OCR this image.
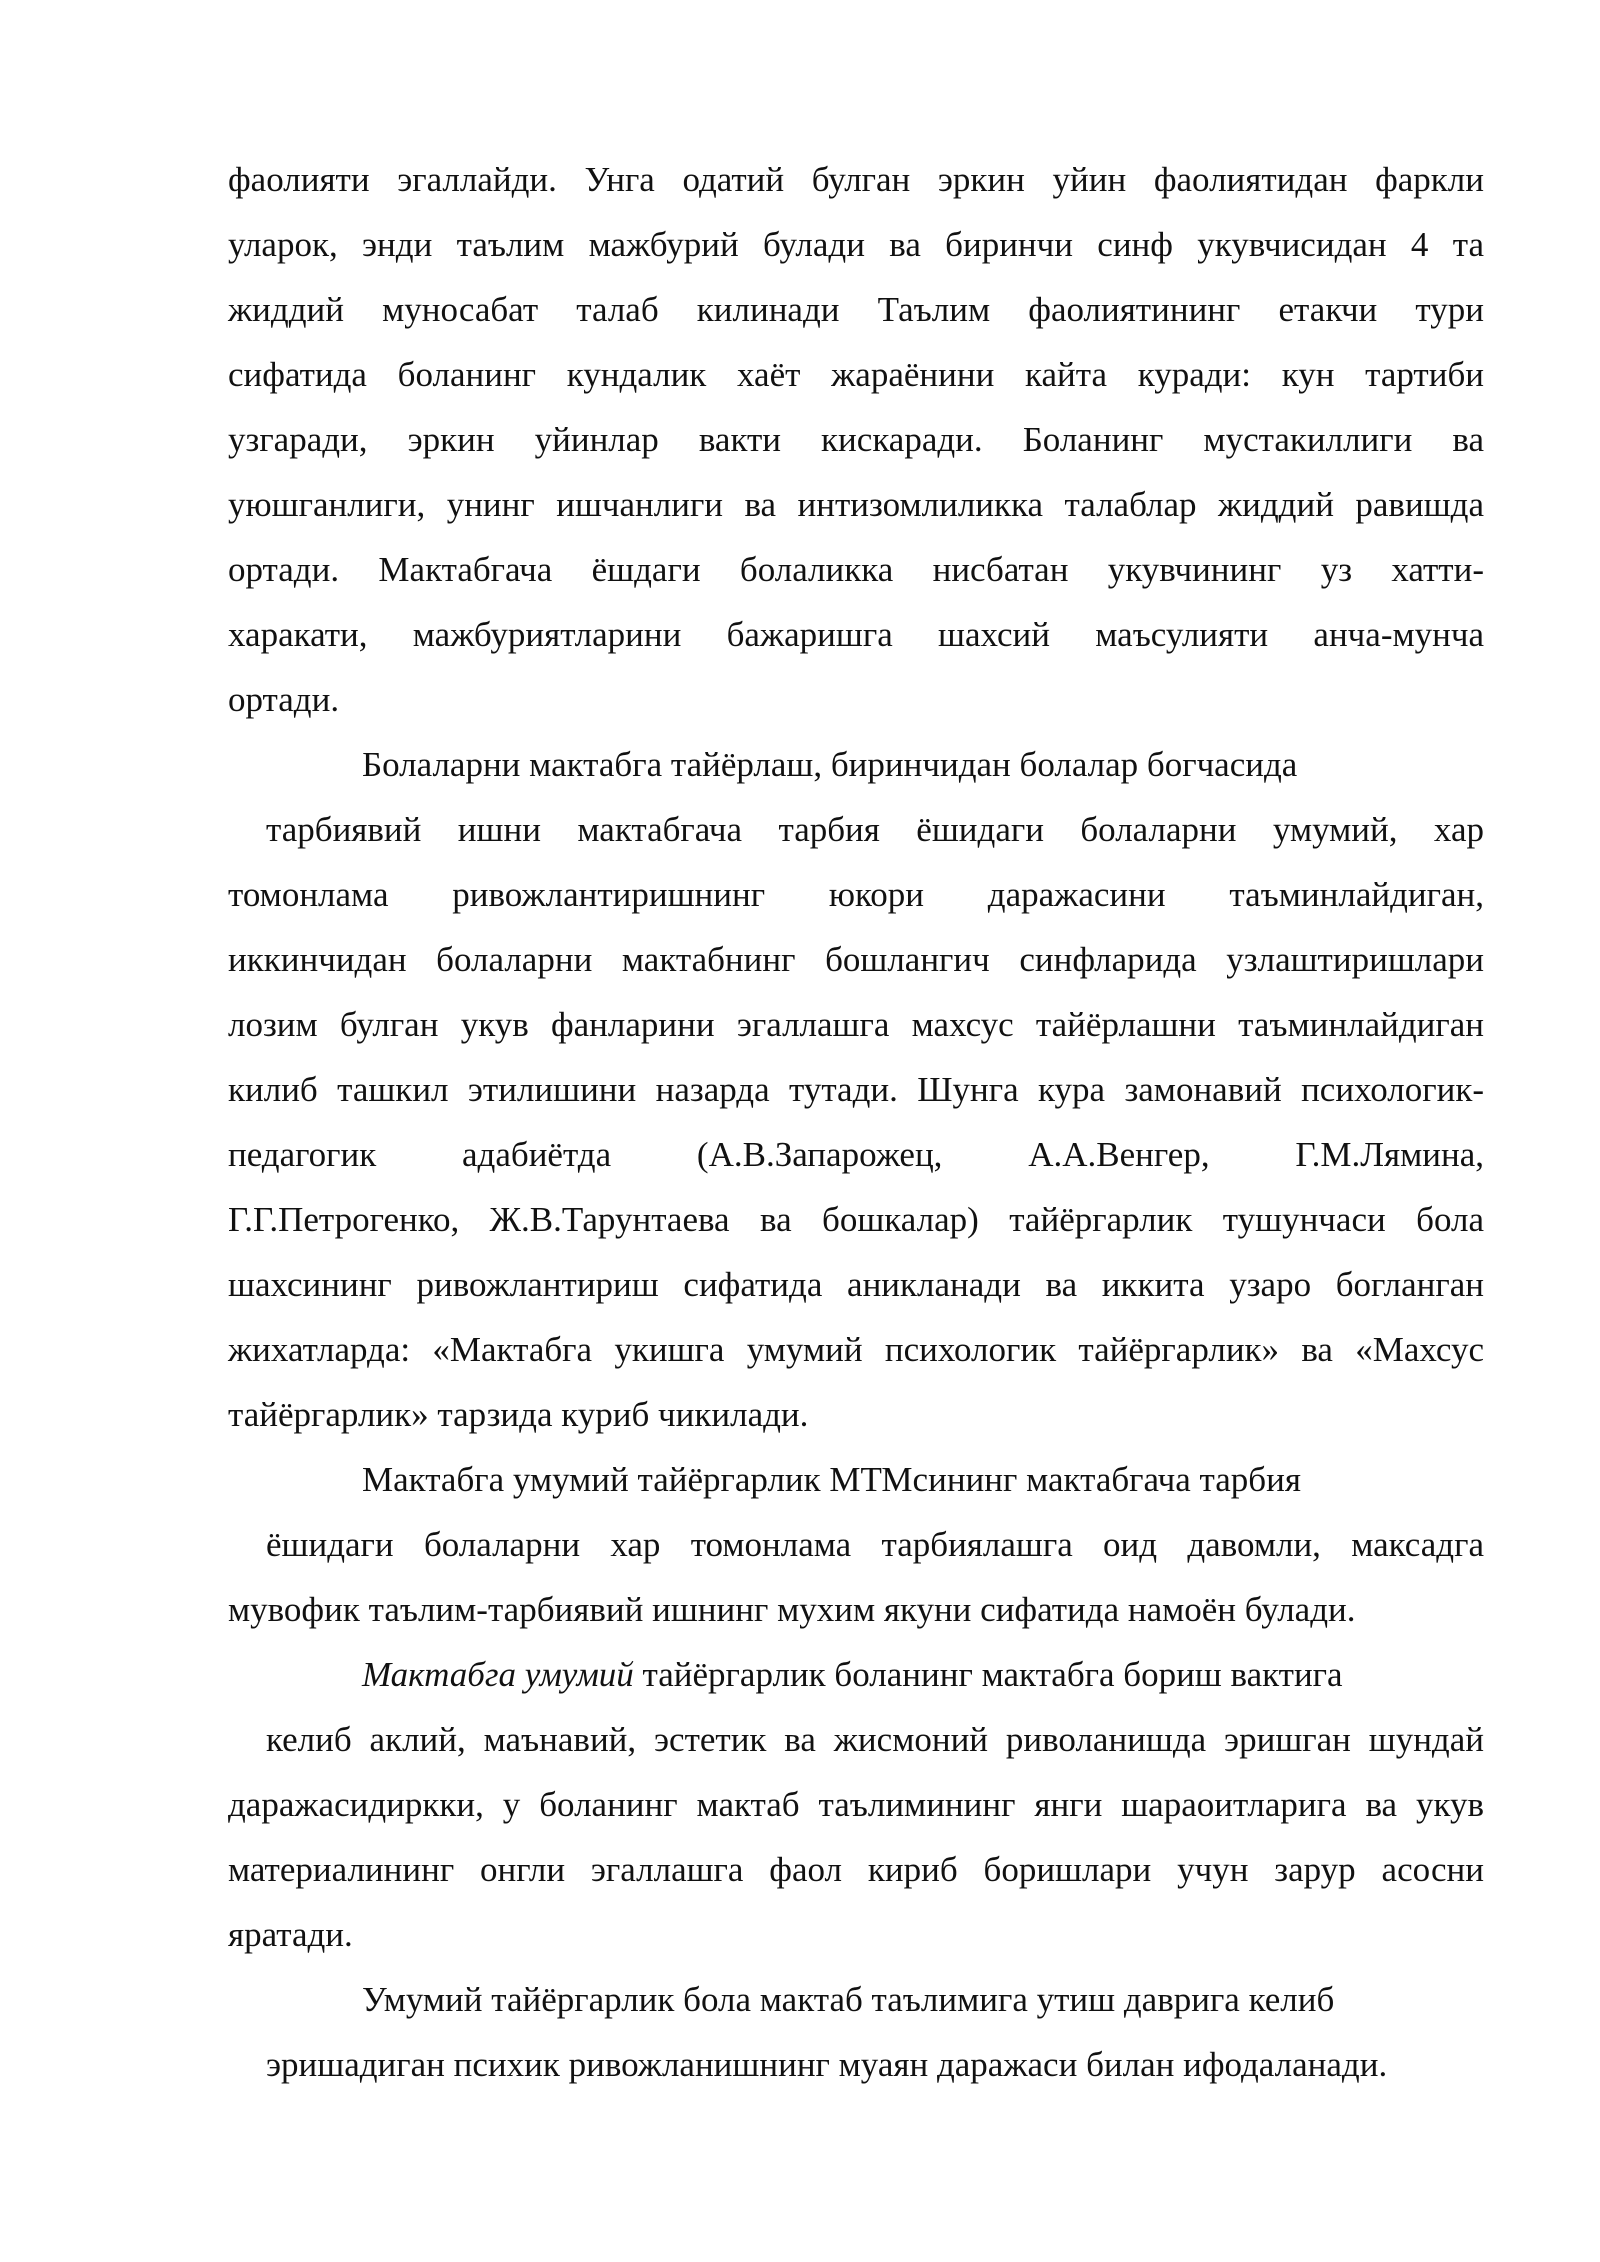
фаолияти эгаллайди. Унга одатий булган эркин уйин фаолиятидан фаркли
уларок, энди таълим мажбурий булади ва биринчи синф укувчисидан 4 та
жиддий муносабат талаб килинади Таълим фаолиятининг етакчи тури
сифатида боланинг кундалик хаёт жараёнини кайта куради: кун тартиби
узгаради, эркин уйинлар вакти кискаради. Боланинг мустакиллиги ва
уюшганлиги, унинг ишчанлиги ва интизомлиликка талаблар жиддий равишда
ортади. Мактабгача ёшдаги болаликка нисбатан укувчининг уз хатти-
харакати, мажбуриятларини бажаришга шахсий маъсулияти анча-мунча
ортади.
Болаларни мактабга тайёрлаш, биринчидан болалар богчасида
тарбиявий ишни мактабгача тарбия ёшидаги болаларни умумий, хар
томонлама ривожлантиришнинг юкори даражасини таъминлайдиган,
иккинчидан болаларни мактабнинг бошлангич синфларида узлаштиришлари
лозим булган укув фанларини эгаллашга махсус тайёрлашни таъминлайдиган
килиб ташкил этилишини назарда тутади. Шунга кура замонавий психологик-
педагогик адабиётда (А.В.Запарожец, А.А.Венгер, Г.М.Лямина,
Г.Г.Петрогенко, Ж.В.Тарунтаева ва бошкалар) тайёргарлик тушунчаси бола
шахсининг ривожлантириш сифатида аникланади ва иккита узаро богланган
жихатларда: «Мактабга укишга умумий психологик тайёргарлик» ва «Махсус
тайёргарлик» тарзида куриб чикилади.
Мактабга умумий тайёргарлик МТМсининг мактабгача тарбия
ёшидаги болаларни хар томонлама тарбиялашга оид давомли, максадга
мувофик таълим-тарбиявий ишнинг мухим якуни сифатида намоён булади.
Мактабга умумий тайёргарлик боланинг мактабга бориш вактига
келиб аклий, маънавий, эстетик ва жисмоний риволанишда эришган шундай
даражасидиркки, у боланинг мактаб таълимининг янги шараоитларига ва укув
материалининг онгли эгаллашга фаол кириб боришлари учун зарур асосни
яратади.
Умумий тайёргарлик бола мактаб таълимига утиш даврига келиб
эришадиган психик ривожланишнинг муаян даражаси билан ифодаланади.
